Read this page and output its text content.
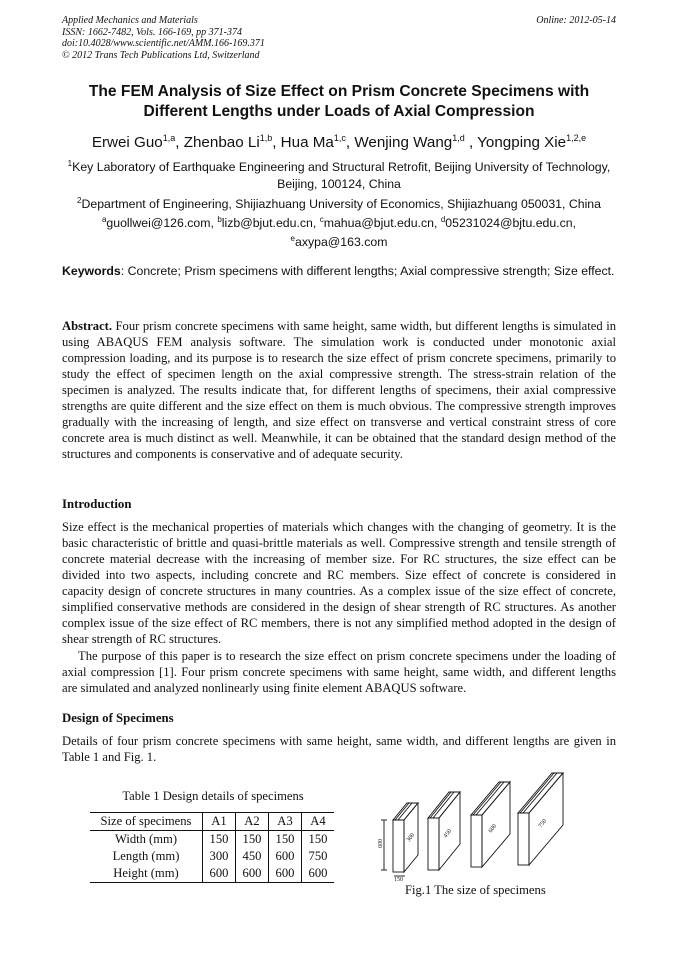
Applied Mechanics and Materials
ISSN: 1662-7482, Vols. 166-169, pp 371-374
doi:10.4028/www.scientific.net/AMM.166-169.371
© 2012 Trans Tech Publications Ltd, Switzerland
Online: 2012-05-14
The FEM Analysis of Size Effect on Prism Concrete Specimens with
Different Lengths under Loads of Axial Compression
Erwei Guo$^{1,a}$, Zhenbao Li$^{1,b}$, Hua Ma$^{1,c}$, Wenjing Wang$^{1,d}$ , Yongping Xie$^{1,2,e}$
$^1$Key Laboratory of Earthquake Engineering and Structural Retrofit, Beijing University of Technology,
Beijing, 100124, China
$^2$Department of Engineering, Shijiazhuang University of Economics, Shijiazhuang 050031, China
$^a$guollwei@126.com, $^b$lizb@bjut.edu.cn, $^c$mahua@bjut.edu.cn, $^d$05231024@bjtu.edu.cn,
$^e$axypa@163.com
Keywords: Concrete; Prism specimens with different lengths; Axial compressive strength; Size effect.
Abstract. Four prism concrete specimens with same height, same width, but different lengths is simulated in using ABAQUS FEM analysis software. The simulation work is conducted under monotonic axial compression loading, and its purpose is to research the size effect of prism concrete specimens, primarily to study the effect of specimen length on the axial compressive strength. The stress-strain relation of the specimen is analyzed. The results indicate that, for different lengths of specimens, their axial compressive strengths are quite different and the size effect on them is much obvious. The compressive strength improves gradually with the increasing of length, and size effect on transverse and vertical constraint stress of core concrete area is much distinct as well. Meanwhile, it can be obtained that the standard design method of the structures and components is conservative and of adequate security.
Introduction
Size effect is the mechanical properties of materials which changes with the changing of geometry. It is the basic characteristic of brittle and quasi-brittle materials as well. Compressive strength and tensile strength of concrete material decrease with the increasing of member size. For RC structures, the size effect can be divided into two aspects, including concrete and RC members. Size effect of concrete is considered in capacity design of concrete structures in many countries. As a complex issue of the size effect of concrete, simplified conservative methods are considered in the design of shear strength of RC structures. As another complex issue of the size effect of RC members, there is not any simplified method adopted in the design of shear strength of RC structures.
The purpose of this paper is to research the size effect on prism concrete specimens under the loading of axial compression [1]. Four prism concrete specimens with same height, same width, and different lengths are simulated and analyzed nonlinearly using finite element ABAQUS software.
Design of Specimens
Details of four prism concrete specimens with same height, same width, and different lengths are given in Table 1 and Fig. 1.
Table 1 Design details of specimens
Size of specimens	A1	A2	A3	A4
Width (mm)	150	150	150	150
Length (mm)	300	450	600	750
Height (mm)	600	600	600	600
600
150
300	450	600	750
Fig.1 The size of specimens
